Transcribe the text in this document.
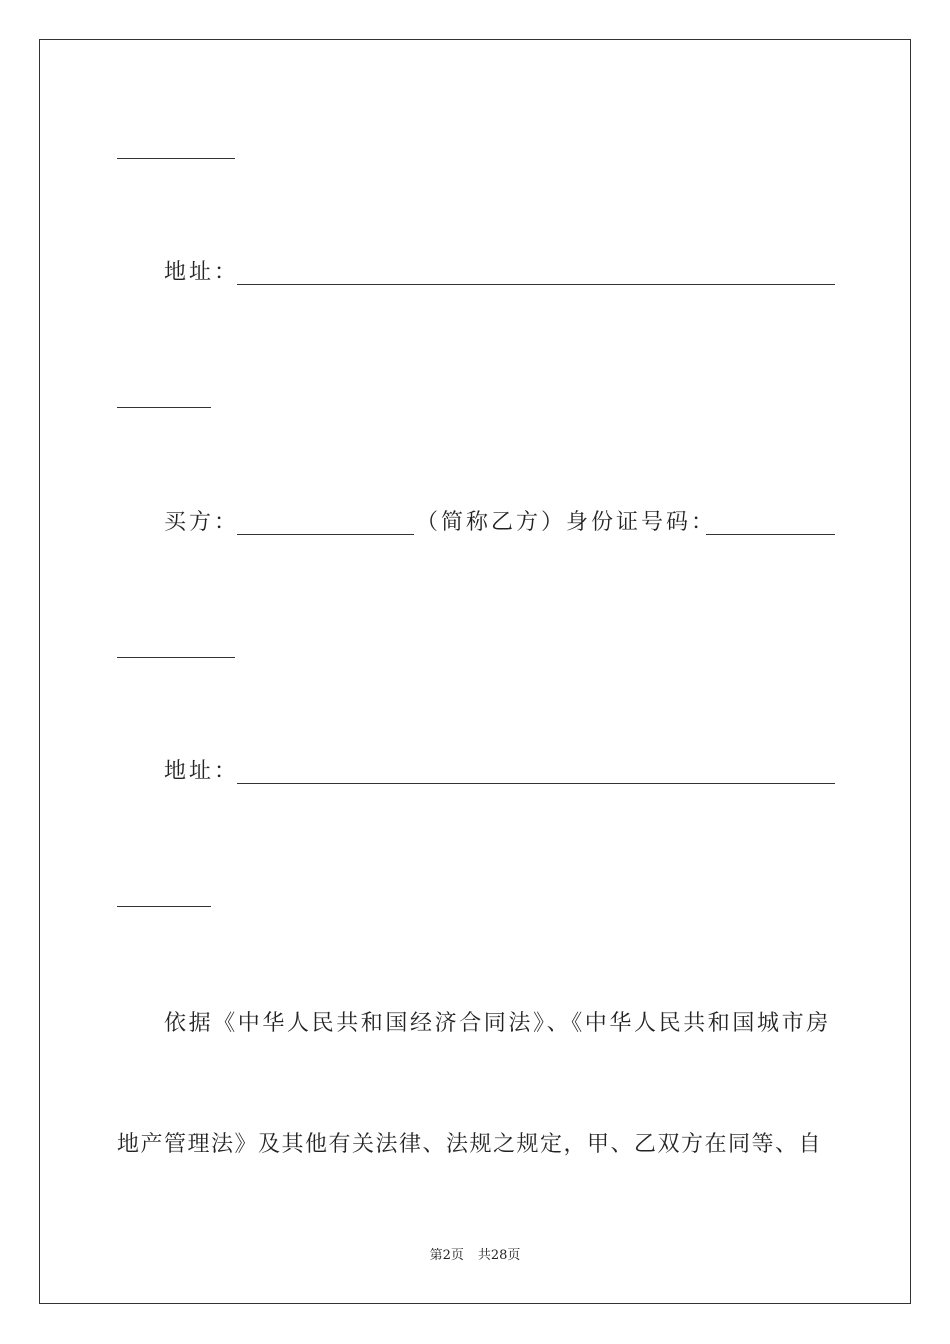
地址：
买方：	（简称乙方）身份证号码：
地址：
依据《中华人民共和国经济合同法》、《中华人民共和国城市房
地产管理法》及其他有关法律、法规之规定，甲、乙双方在同等、自
第2页 共28页
